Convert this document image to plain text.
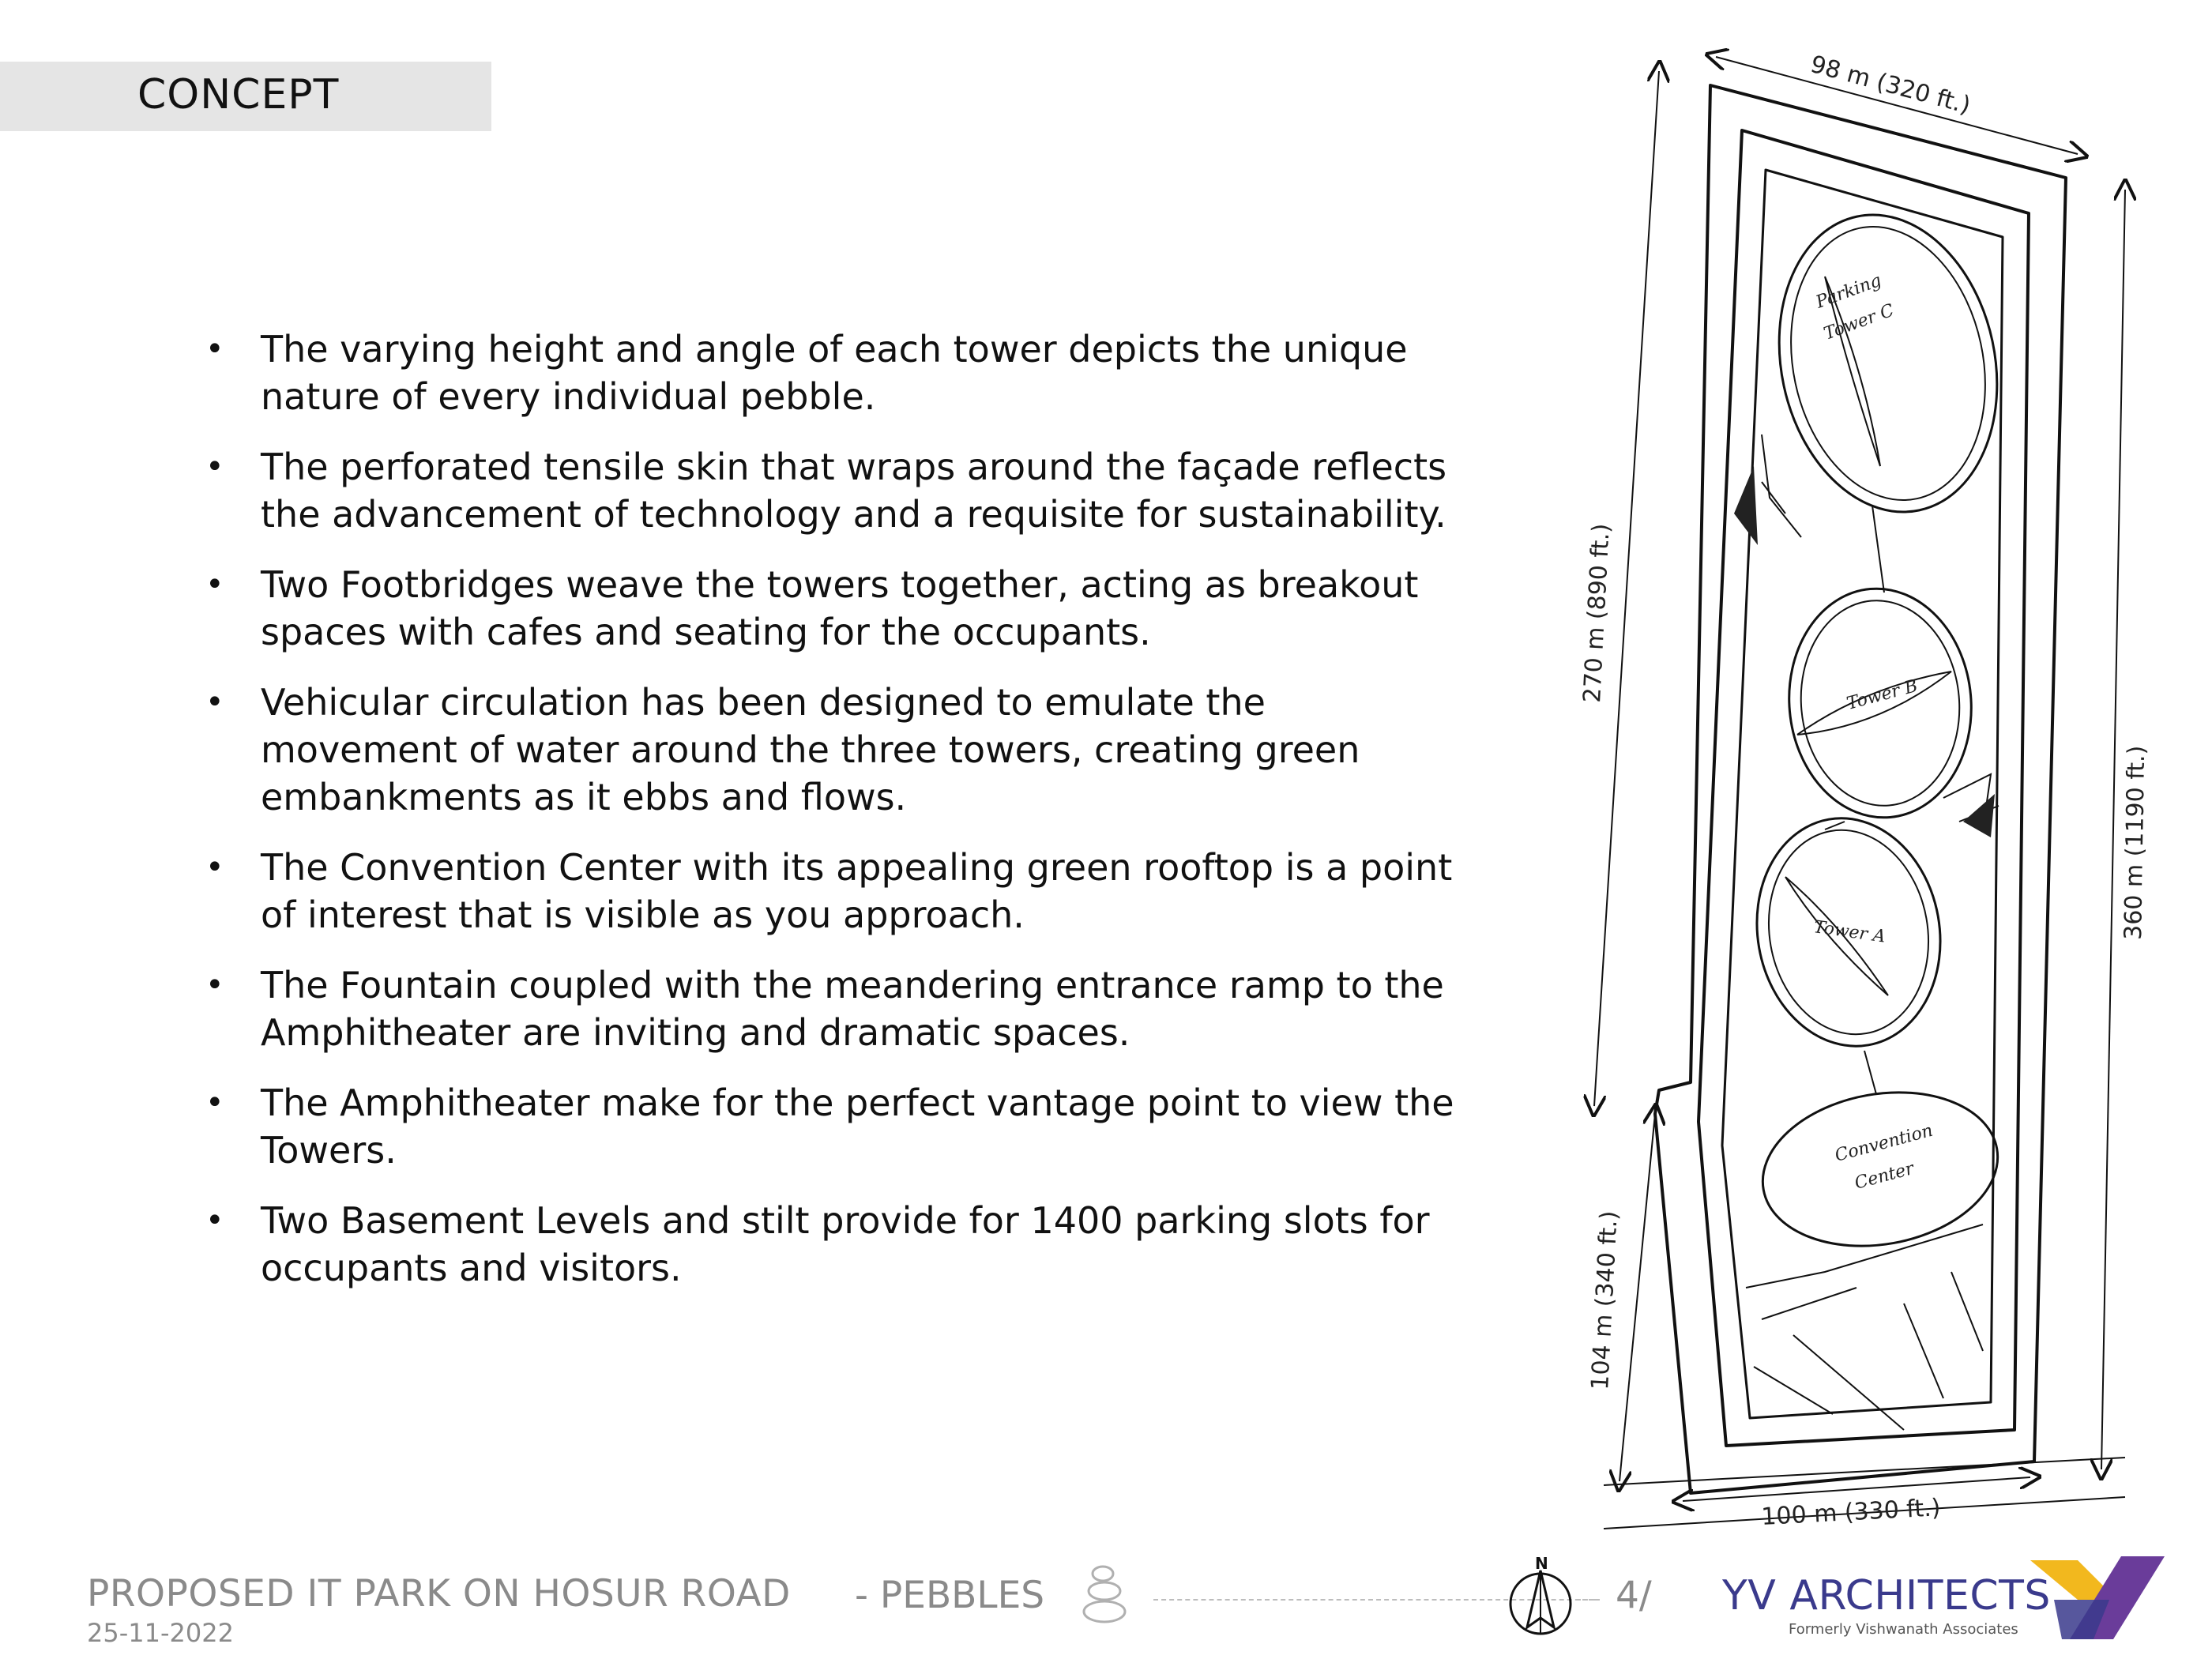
CONCEPT
• The varying height and angle of each tower depicts the unique nature of every individual pebble.
• The perforated tensile skin that wraps around the façade reflects the advancement of technology and a requisite for sustainability.
• Two Footbridges weave the towers together, acting as breakout spaces with cafes and seating for the occupants.
• Vehicular circulation has been designed to emulate the movement of water around the three towers, creating green embankments as it ebbs and flows.
• The Convention Center with its appealing green rooftop is a point of interest that is visible as you approach.
• The Fountain coupled with the meandering entrance ramp to the Amphitheater are inviting and dramatic spaces.
• The Amphitheater make for the perfect vantage point to view the Towers.
• Two Basement Levels and stilt provide for 1400 parking slots for occupants and visitors.
Parking
Tower C
Tower B
Tower A
Convention
Center
98 m (320 ft.)
270 m (890 ft.)
104 m (340 ft.)
360 m (1190 ft.)
100 m (330 ft.)
PROPOSED IT PARK ON HOSUR ROAD
25-11-2022
- PEBBLES
N
4/ YV ARCHITECTS
Formerly Vishwanath Associates
